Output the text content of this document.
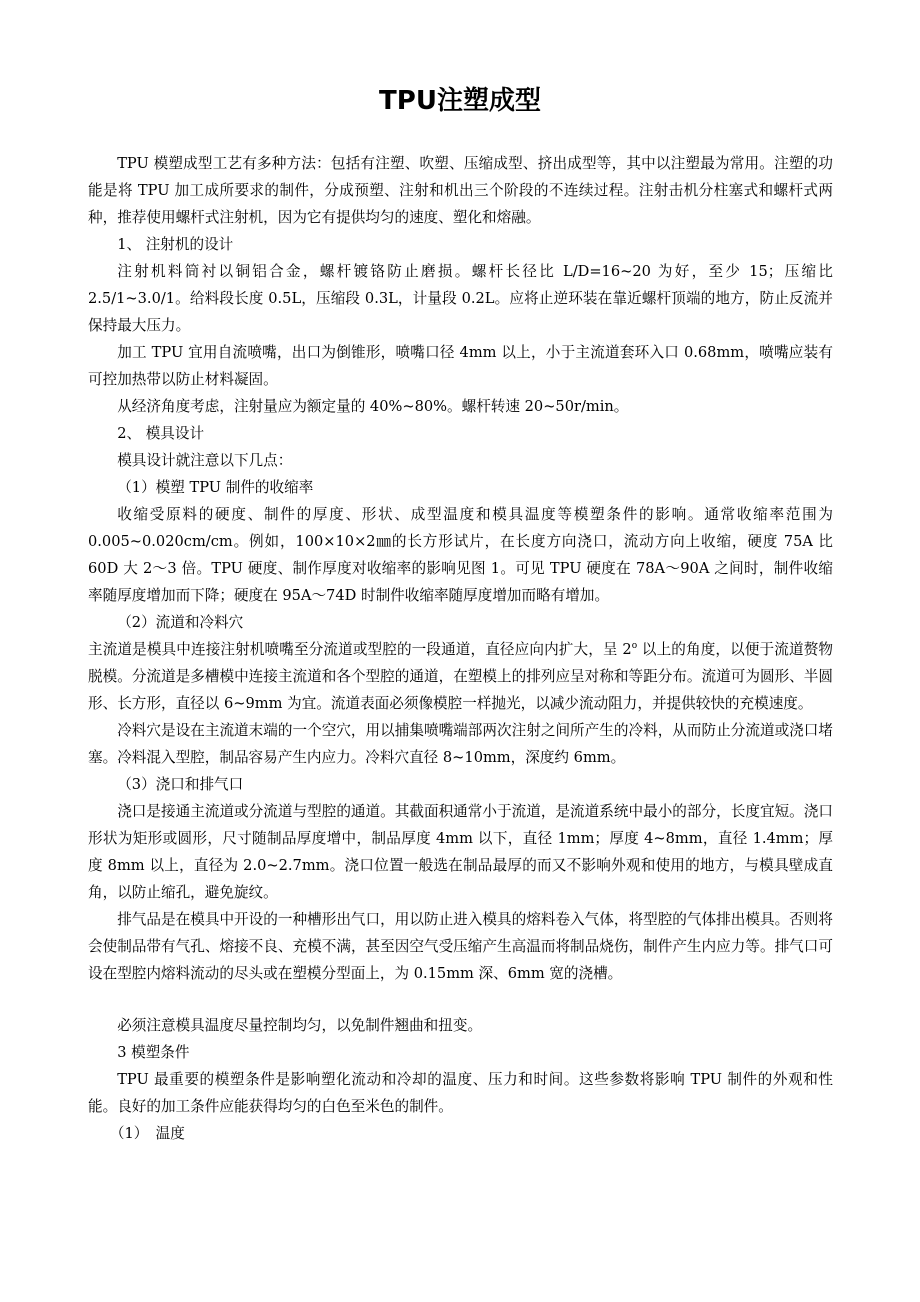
TPU注塑成型

TPU 模塑成型工艺有多种方法：包括有注塑、吹塑、压缩成型、挤出成型等，其中以注塑最为常用。注塑的功能是将 TPU 加工成所要求的制件，分成预塑、注射和机出三个阶段的不连续过程。注射击机分柱塞式和螺杆式两种，推荐使用螺杆式注射机，因为它有提供均匀的速度、塑化和熔融。

1、 注射机的设计

注射机料筒衬以铜铝合金，螺杆镀铬防止磨损。螺杆长径比 L/D=16~20 为好，至少 15；压缩比 2.5/1~3.0/1。给料段长度 0.5L，压缩段 0.3L，计量段 0.2L。应将止逆环装在靠近螺杆顶端的地方，防止反流并保持最大压力。

加工 TPU 宜用自流喷嘴，出口为倒锥形，喷嘴口径 4mm 以上，小于主流道套环入口 0.68mm，喷嘴应装有可控加热带以防止材料凝固。

从经济角度考虑，注射量应为额定量的 40%~80%。螺杆转速 20~50r/min。

2、 模具设计

模具设计就注意以下几点：

（1）模塑 TPU 制件的收缩率

收缩受原料的硬度、制件的厚度、形状、成型温度和模具温度等模塑条件的影响。通常收缩率范围为 0.005~0.020cm/cm。例如，100×10×2㎜的长方形试片，在长度方向浇口，流动方向上收缩，硬度 75A 比 60D 大 2～3 倍。TPU 硬度、制作厚度对收缩率的影响见图 1。可见 TPU 硬度在 78A～90A 之间时，制件收缩率随厚度增加而下降；硬度在 95A～74D 时制件收缩率随厚度增加而略有增加。

（2）流道和冷料穴

主流道是模具中连接注射机喷嘴至分流道或型腔的一段通道，直径应向内扩大，呈 2$^o$ 以上的角度，以便于流道赘物脱模。分流道是多槽模中连接主流道和各个型腔的通道，在塑模上的排列应呈对称和等距分布。流道可为圆形、半圆形、长方形，直径以 6~9mm 为宜。流道表面必须像模腔一样抛光，以减少流动阻力，并提供较快的充模速度。

冷料穴是设在主流道末端的一个空穴，用以捕集喷嘴端部两次注射之间所产生的冷料，从而防止分流道或浇口堵塞。冷料混入型腔，制品容易产生内应力。冷料穴直径 8~10mm，深度约 6mm。

（3）浇口和排气口

浇口是接通主流道或分流道与型腔的通道。其截面积通常小于流道，是流道系统中最小的部分，长度宜短。浇口形状为矩形或圆形，尺寸随制品厚度增中，制品厚度 4mm 以下，直径 1mm；厚度 4~8mm，直径 1.4mm；厚度 8mm 以上，直径为 2.0~2.7mm。浇口位置一般选在制品最厚的而又不影响外观和使用的地方，与模具壁成直角，以防止缩孔，避免旋纹。

排气品是在模具中开设的一种槽形出气口，用以防止进入模具的熔料卷入气体，将型腔的气体排出模具。否则将会使制品带有气孔、熔接不良、充模不满，甚至因空气受压缩产生高温而将制品烧伤，制件产生内应力等。排气口可设在型腔内熔料流动的尽头或在塑模分型面上，为 0.15mm 深、6mm 宽的浇槽。

必须注意模具温度尽量控制均匀，以免制件翘曲和扭变。

3 模塑条件

TPU 最重要的模塑条件是影响塑化流动和冷却的温度、压力和时间。这些参数将影响 TPU 制件的外观和性能。良好的加工条件应能获得均匀的白色至米色的制件。

（1）　温度
